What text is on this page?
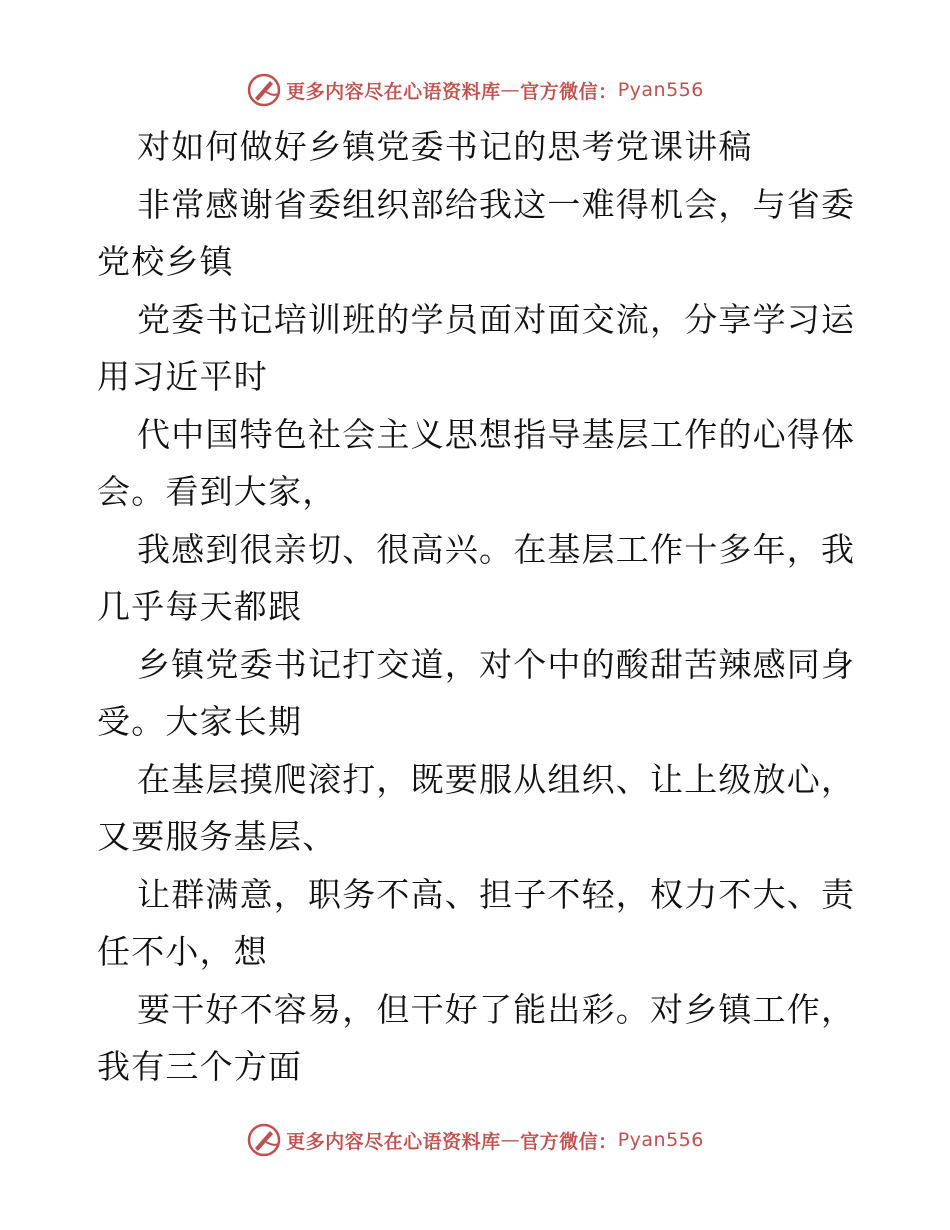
更多内容尽在心语资料库 — 官方微信： Pyan556
对如何做好乡镇党委书记的思考党课讲稿
非常感谢省委组织部给我这一难得机会，与省委
党校乡镇
党委书记培训班的学员面对面交流，分享学习运
用习近平时
代中国特色社会主义思想指导基层工作的心得体
会。看到大家，
我感到很亲切、很高兴。在基层工作十多年，我
几乎每天都跟
乡镇党委书记打交道，对个中的酸甜苦辣感同身
受。大家长期
在基层摸爬滚打，既要服从组织、让上级放心，
又要服务基层、
让群满意，职务不高、担子不轻，权力不大、责
任不小，想
要干好不容易，但干好了能出彩。对乡镇工作，
我有三个方面
更多内容尽在心语资料库 — 官方微信： Pyan556
